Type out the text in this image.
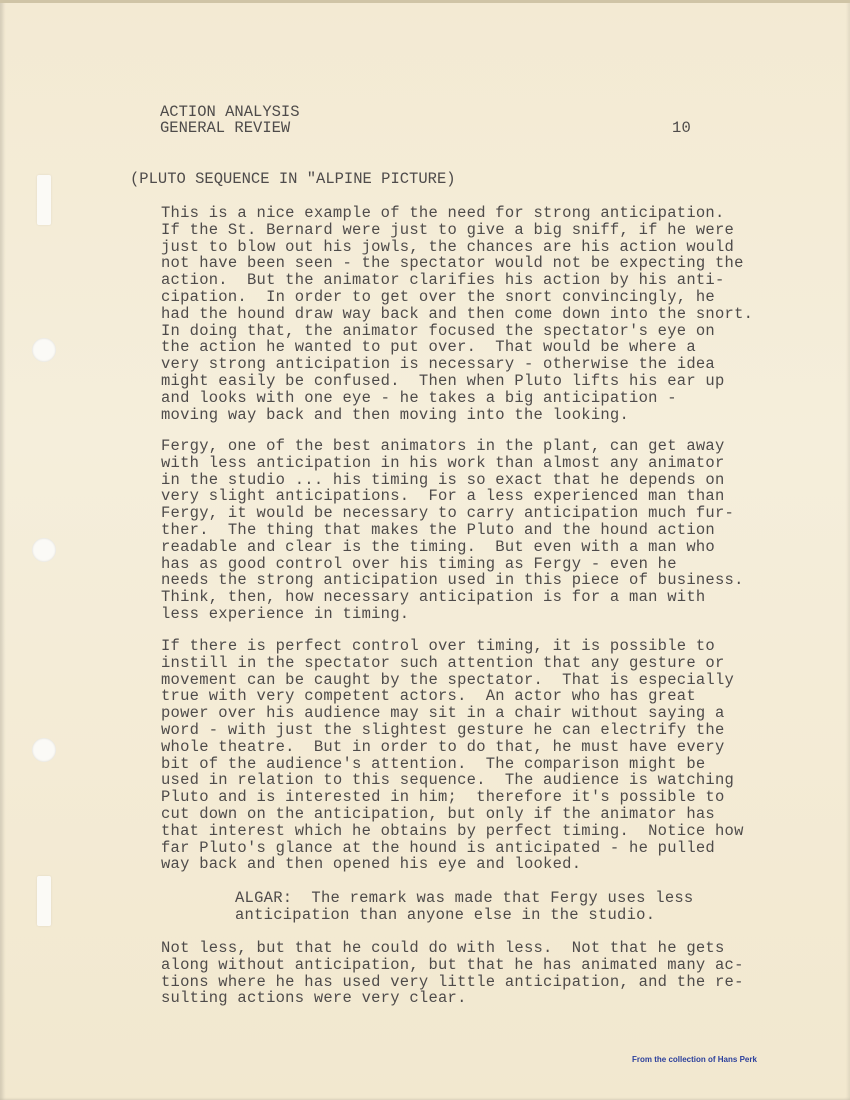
ACTION ANALYSIS
GENERAL REVIEW	10
(PLUTO SEQUENCE IN "ALPINE PICTURE)
This is a nice example of the need for strong anticipation.
If the St. Bernard were just to give a big sniff, if he were
just to blow out his jowls, the chances are his action would
not have been seen - the spectator would not be expecting the
action.  But the animator clarifies his action by his anti-
cipation.  In order to get over the snort convincingly, he
had the hound draw way back and then come down into the snort.
In doing that, the animator focused the spectator's eye on
the action he wanted to put over.  That would be where a
very strong anticipation is necessary - otherwise the idea
might easily be confused.  Then when Pluto lifts his ear up
and looks with one eye - he takes a big anticipation -
moving way back and then moving into the looking.
Fergy, one of the best animators in the plant, can get away
with less anticipation in his work than almost any animator
in the studio ... his timing is so exact that he depends on
very slight anticipations.  For a less experienced man than
Fergy, it would be necessary to carry anticipation much fur-
ther.  The thing that makes the Pluto and the hound action
readable and clear is the timing.  But even with a man who
has as good control over his timing as Fergy - even he
needs the strong anticipation used in this piece of business.
Think, then, how necessary anticipation is for a man with
less experience in timing.
If there is perfect control over timing, it is possible to
instill in the spectator such attention that any gesture or
movement can be caught by the spectator.  That is especially
true with very competent actors.  An actor who has great
power over his audience may sit in a chair without saying a
word - with just the slightest gesture he can electrify the
whole theatre.  But in order to do that, he must have every
bit of the audience's attention.  The comparison might be
used in relation to this sequence.  The audience is watching
Pluto and is interested in him;  therefore it's possible to
cut down on the anticipation, but only if the animator has
that interest which he obtains by perfect timing.  Notice how
far Pluto's glance at the hound is anticipated - he pulled
way back and then opened his eye and looked.
ALGAR:  The remark was made that Fergy uses less
anticipation than anyone else in the studio.
Not less, but that he could do with less.  Not that he gets
along without anticipation, but that he has animated many ac-
tions where he has used very little anticipation, and the re-
sulting actions were very clear.
From the collection of Hans Perk
